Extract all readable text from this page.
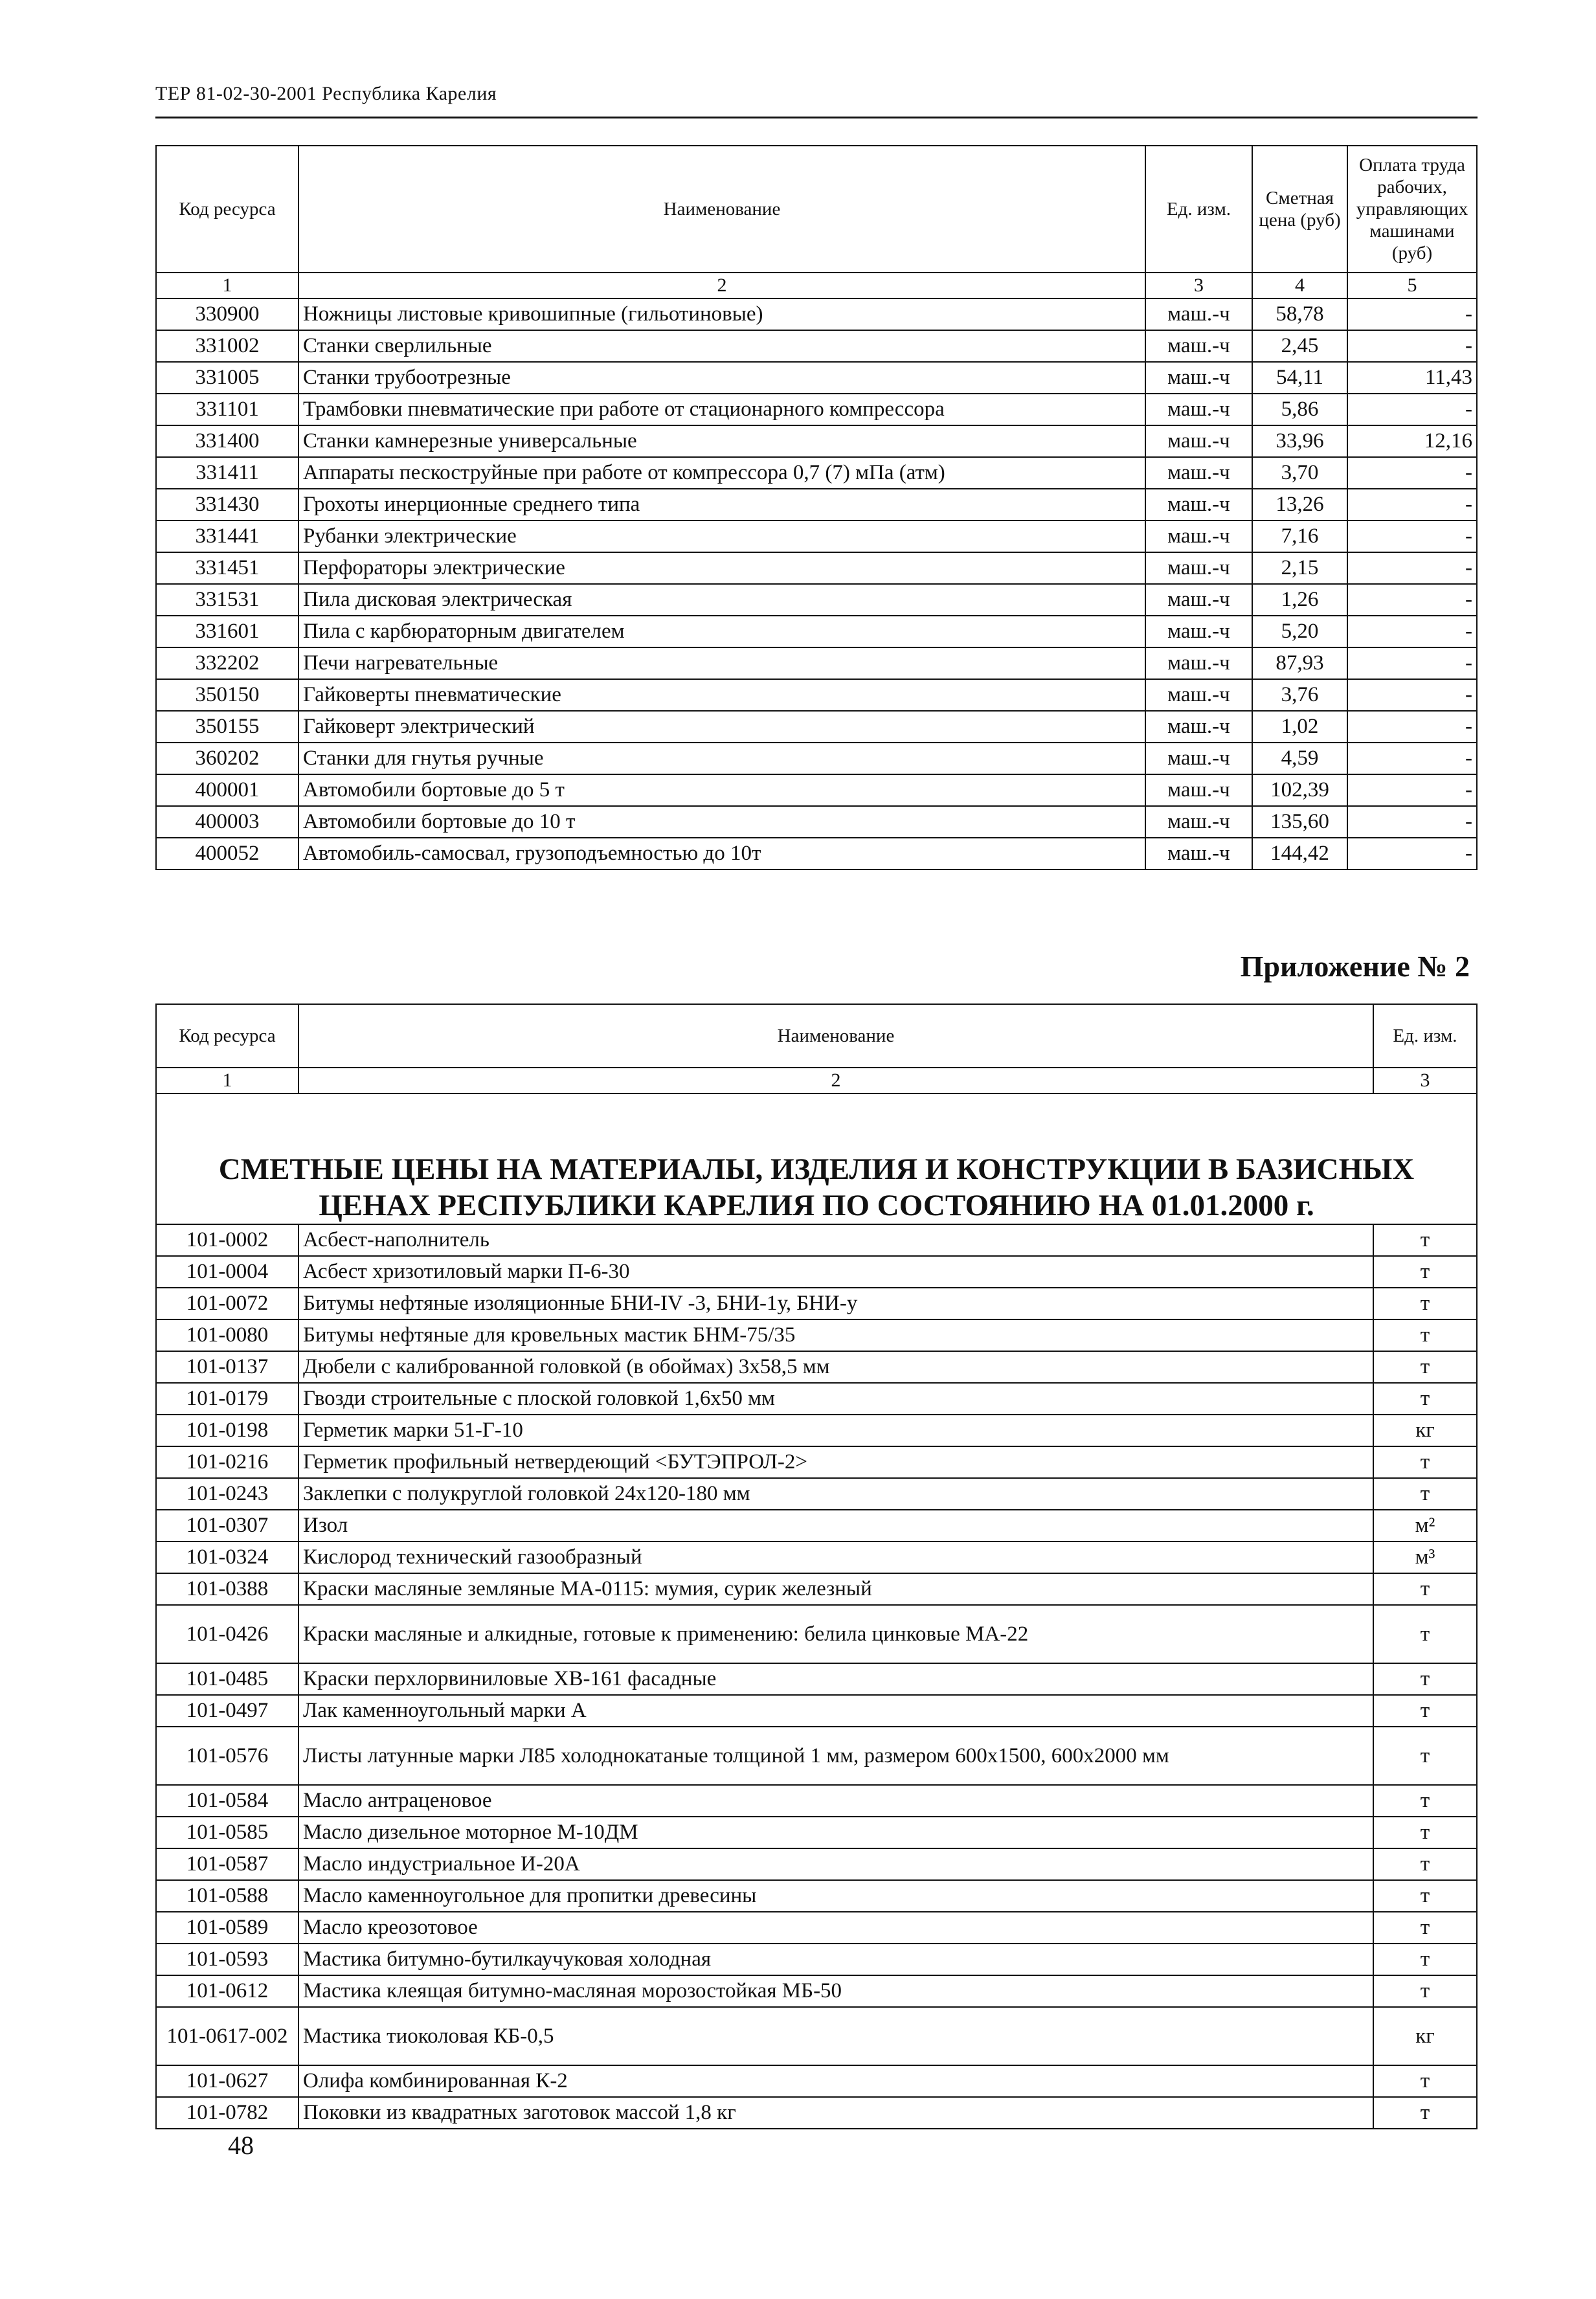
ТЕР 81-02-30-2001 Республика Карелия
Код ресурса	Наименование	Ед. изм.	Сметная цена (руб)	Оплата труда рабочих, управляющих машинами (руб)
1	2	3	4	5
330900	Ножницы листовые кривошипные (гильотиновые)	маш.-ч	58,78	-
331002	Станки сверлильные	маш.-ч	2,45	-
331005	Станки трубоотрезные	маш.-ч	54,11	11,43
331101	Трамбовки пневматические при работе от стационарного компрессора	маш.-ч	5,86	-
331400	Станки камнерезные универсальные	маш.-ч	33,96	12,16
331411	Аппараты пескоструйные при работе от компрессора 0,7 (7) мПа (атм)	маш.-ч	3,70	-
331430	Грохоты инерционные среднего типа	маш.-ч	13,26	-
331441	Рубанки электрические	маш.-ч	7,16	-
331451	Перфораторы электрические	маш.-ч	2,15	-
331531	Пила дисковая электрическая	маш.-ч	1,26	-
331601	Пила с карбюраторным двигателем	маш.-ч	5,20	-
332202	Печи нагревательные	маш.-ч	87,93	-
350150	Гайковерты пневматические	маш.-ч	3,76	-
350155	Гайковерт электрический	маш.-ч	1,02	-
360202	Станки для гнутья ручные	маш.-ч	4,59	-
400001	Автомобили бортовые до 5 т	маш.-ч	102,39	-
400003	Автомобили бортовые до 10 т	маш.-ч	135,60	-
400052	Автомобиль-самосвал, грузоподъемностью до 10т	маш.-ч	144,42	-
Приложение № 2
Код ресурса	Наименование	Ед. изм.	
1	2	3	
СМЕТНЫЕ ЦЕНЫ НА МАТЕРИАЛЫ, ИЗДЕЛИЯ И КОНСТРУКЦИИ В БАЗИСНЫХ ЦЕНАХ РЕСПУБЛИКИ КАРЕЛИЯ ПО СОСТОЯНИЮ НА 01.01.2000 г.			
101-0002	Асбест-наполнитель	т	
101-0004	Асбест хризотиловый марки П-6-30	т	
101-0072	Битумы нефтяные изоляционные БНИ-IV -3, БНИ-1у, БНИ-у	т	
101-0080	Битумы нефтяные для кровельных мастик БНМ-75/35	т	
101-0137	Дюбели с калиброванной головкой (в обоймах) 3х58,5 мм	т	
101-0179	Гвозди строительные с плоской головкой 1,6х50 мм	т	
101-0198	Герметик марки 51-Г-10	кг	
101-0216	Герметик профильный нетвердеющий <БУТЭПРОЛ-2>	т	
101-0243	Заклепки с полукруглой головкой 24х120-180 мм	т	
101-0307	Изол	м²	
101-0324	Кислород технический газообразный	м³	
101-0388	Краски масляные земляные МА-0115: мумия, сурик железный	т	
101-0426	Краски масляные и алкидные, готовые к применению: белила цинковые МА-22	т	
101-0485	Краски перхлорвиниловые ХВ-161 фасадные	т	
101-0497	Лак каменноугольный марки А	т	
101-0576	Листы латунные марки Л85 холоднокатаные толщиной 1 мм, размером 600х1500, 600х2000 мм	т	
101-0584	Масло антраценовое	т	
101-0585	Масло дизельное моторное М-10ДМ	т	
101-0587	Масло индустриальное И-20А	т	
101-0588	Масло каменноугольное для пропитки древесины	т	
101-0589	Масло креозотовое	т	
101-0593	Мастика битумно-бутилкаучуковая холодная	т	
101-0612	Мастика клеящая битумно-масляная морозостойкая МБ-50	т	
101-0617-002	Мастика тиоколовая КБ-0,5	кг	
101-0627	Олифа комбинированная К-2	т	
101-0782	Поковки из квадратных заготовок массой 1,8 кг	т	
48
